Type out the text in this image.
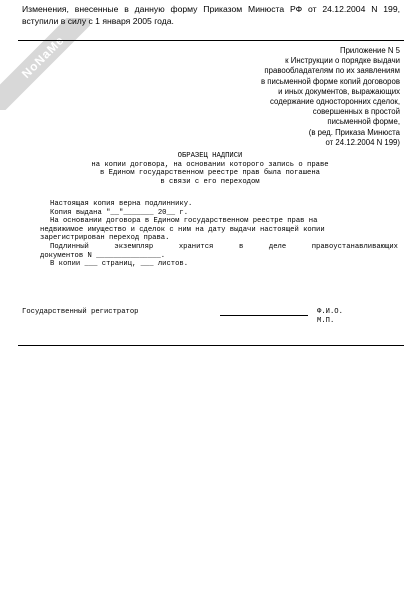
NoNaMe
Изменения, внесенные в данную форму Приказом Минюста РФ от 24.12.2004 N 199, вступили в силу с 1 января 2005 года.
Приложение N 5
к Инструкции о порядке выдачи
правообладателям по их заявлениям
в письменной форме копий договоров
и иных документов, выражающих
содержание односторонних сделок,
совершенных в простой
письменной форме,
(в ред. Приказа Минюста
от 24.12.2004 N 199)
ОБРАЗЕЦ НАДПИСИ
на копии договора, на основании которого запись о праве
в Едином государственном реестре прав была погашена
в связи с его переходом
Настоящая копия верна подлиннику.
Копия выдана "__"_______ 20__ г.
На основании договора в Едином государственном реестре прав на
недвижимое имущество и сделок с ним на дату выдачи настоящей копии
зарегистрирован переход права.
Подлинный	экземпляр	хранится	в	деле	правоустанавливающих
документов N _______________.
В копии ___ страниц, ___ листов.
Государственный регистратор	Ф.И.О.
М.П.
